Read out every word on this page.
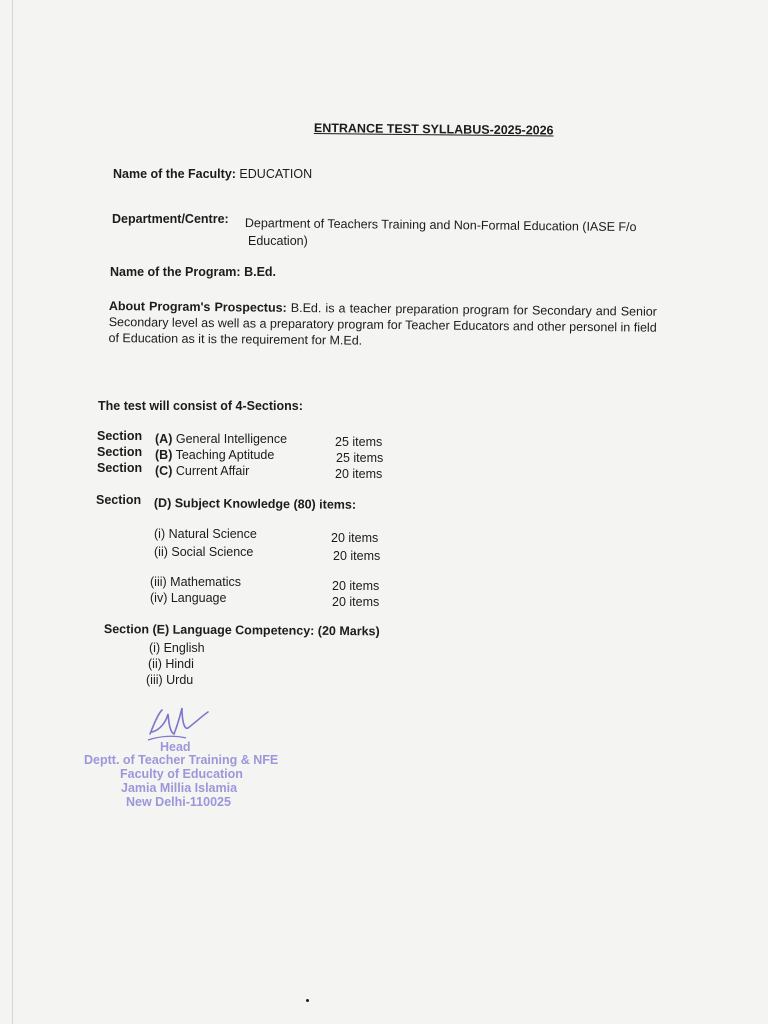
ENTRANCE TEST SYLLABUS-2025-2026
Name of the Faculty: EDUCATION
Department/Centre: Department of Teachers Training and Non-Formal Education (IASE F/o
Education)
Name of the Program: B.Ed.
About Program's Prospectus: B.Ed. is a teacher preparation program for Secondary and Senior Secondary level as well as a preparatory program for Teacher Educators and other personel in field of Education as it is the requirement for M.Ed.
The test will consist of 4-Sections:
Section (A) General Intelligence	25 items
Section (B) Teaching Aptitude	25 items
Section (C) Current Affair	20 items
Section (D) Subject Knowledge (80) items:
(i) Natural Science	20 items
(ii) Social Science	20 items
(iii) Mathematics	20 items
(iv) Language	20 items
Section (E) Language Competency: (20 Marks)
(i) English
(ii) Hindi
(iii) Urdu
Head
Deptt. of Teacher Training & NFE
Faculty of Education
Jamia Millia Islamia
New Delhi-110025
